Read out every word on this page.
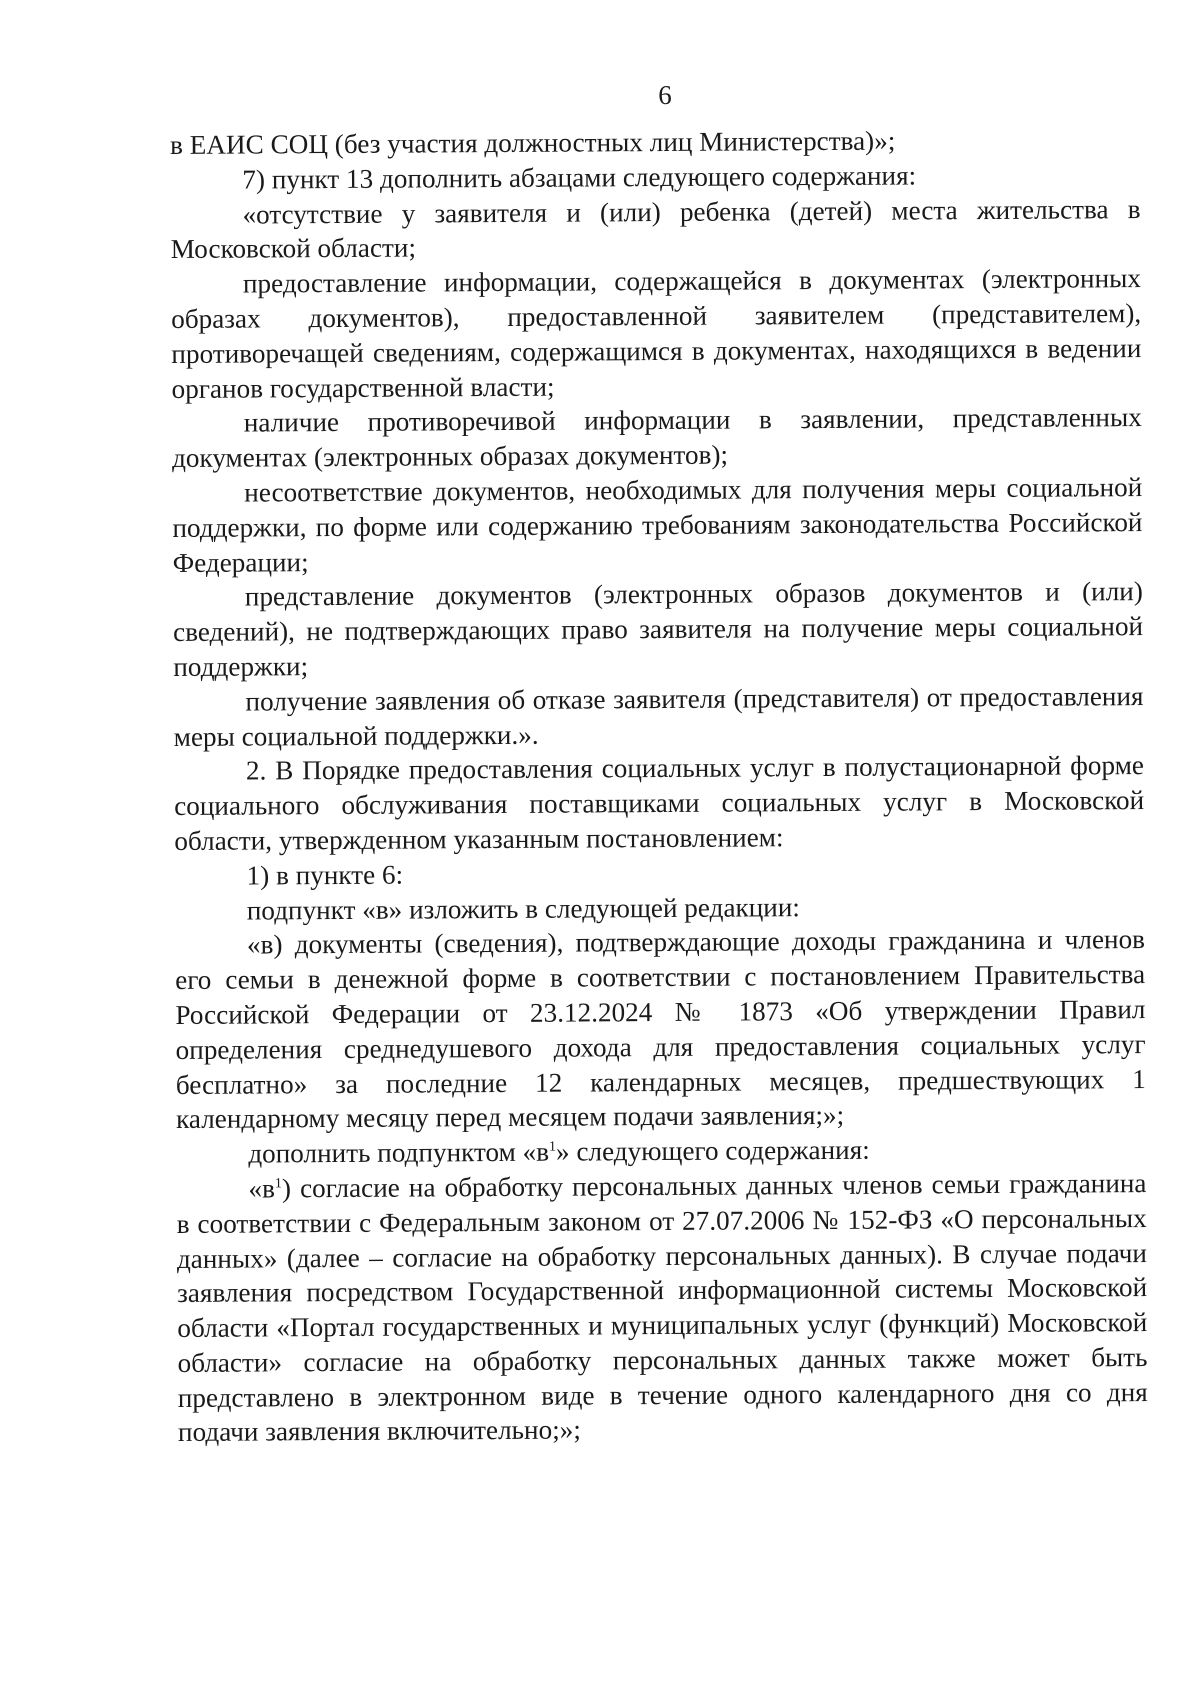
6

в ЕАИС СОЦ (без участия должностных лиц Министерства)»;

7) пункт 13 дополнить абзацами следующего содержания:

«отсутствие у заявителя и (или) ребенка (детей) места жительства в Московской области;

предоставление информации, содержащейся в документах (электронных образах документов), предоставленной заявителем (представителем), противоречащей сведениям, содержащимся в документах, находящихся в ведении органов государственной власти;

наличие противоречивой информации в заявлении, представленных документах (электронных образах документов);

несоответствие документов, необходимых для получения меры социальной поддержки, по форме или содержанию требованиям законодательства Российской Федерации;

представление документов (электронных образов документов и (или) сведений), не подтверждающих право заявителя на получение меры социальной поддержки;

получение заявления об отказе заявителя (представителя) от предоставления меры социальной поддержки.».

2. В Порядке предоставления социальных услуг в полустационарной форме социального обслуживания поставщиками социальных услуг в Московской области, утвержденном указанным постановлением:

1) в пункте 6:

подпункт «в» изложить в следующей редакции:

«в) документы (сведения), подтверждающие доходы гражданина и членов его семьи в денежной форме в соответствии с постановлением Правительства Российской Федерации от 23.12.2024 № 1873 «Об утверждении Правил определения среднедушевого дохода для предоставления социальных услуг бесплатно» за последние 12 календарных месяцев, предшествующих 1 календарному месяцу перед месяцем подачи заявления;»;

дополнить подпунктом «в$^1$» следующего содержания:

«в$^1$) согласие на обработку персональных данных членов семьи гражданина в соответствии с Федеральным законом от 27.07.2006 № 152-ФЗ «О персональных данных» (далее – согласие на обработку персональных данных). В случае подачи заявления посредством Государственной информационной системы Московской области «Портал государственных и муниципальных услуг (функций) Московской области» согласие на обработку персональных данных также может быть представлено в электронном виде в течение одного календарного дня со дня подачи заявления включительно;»;
